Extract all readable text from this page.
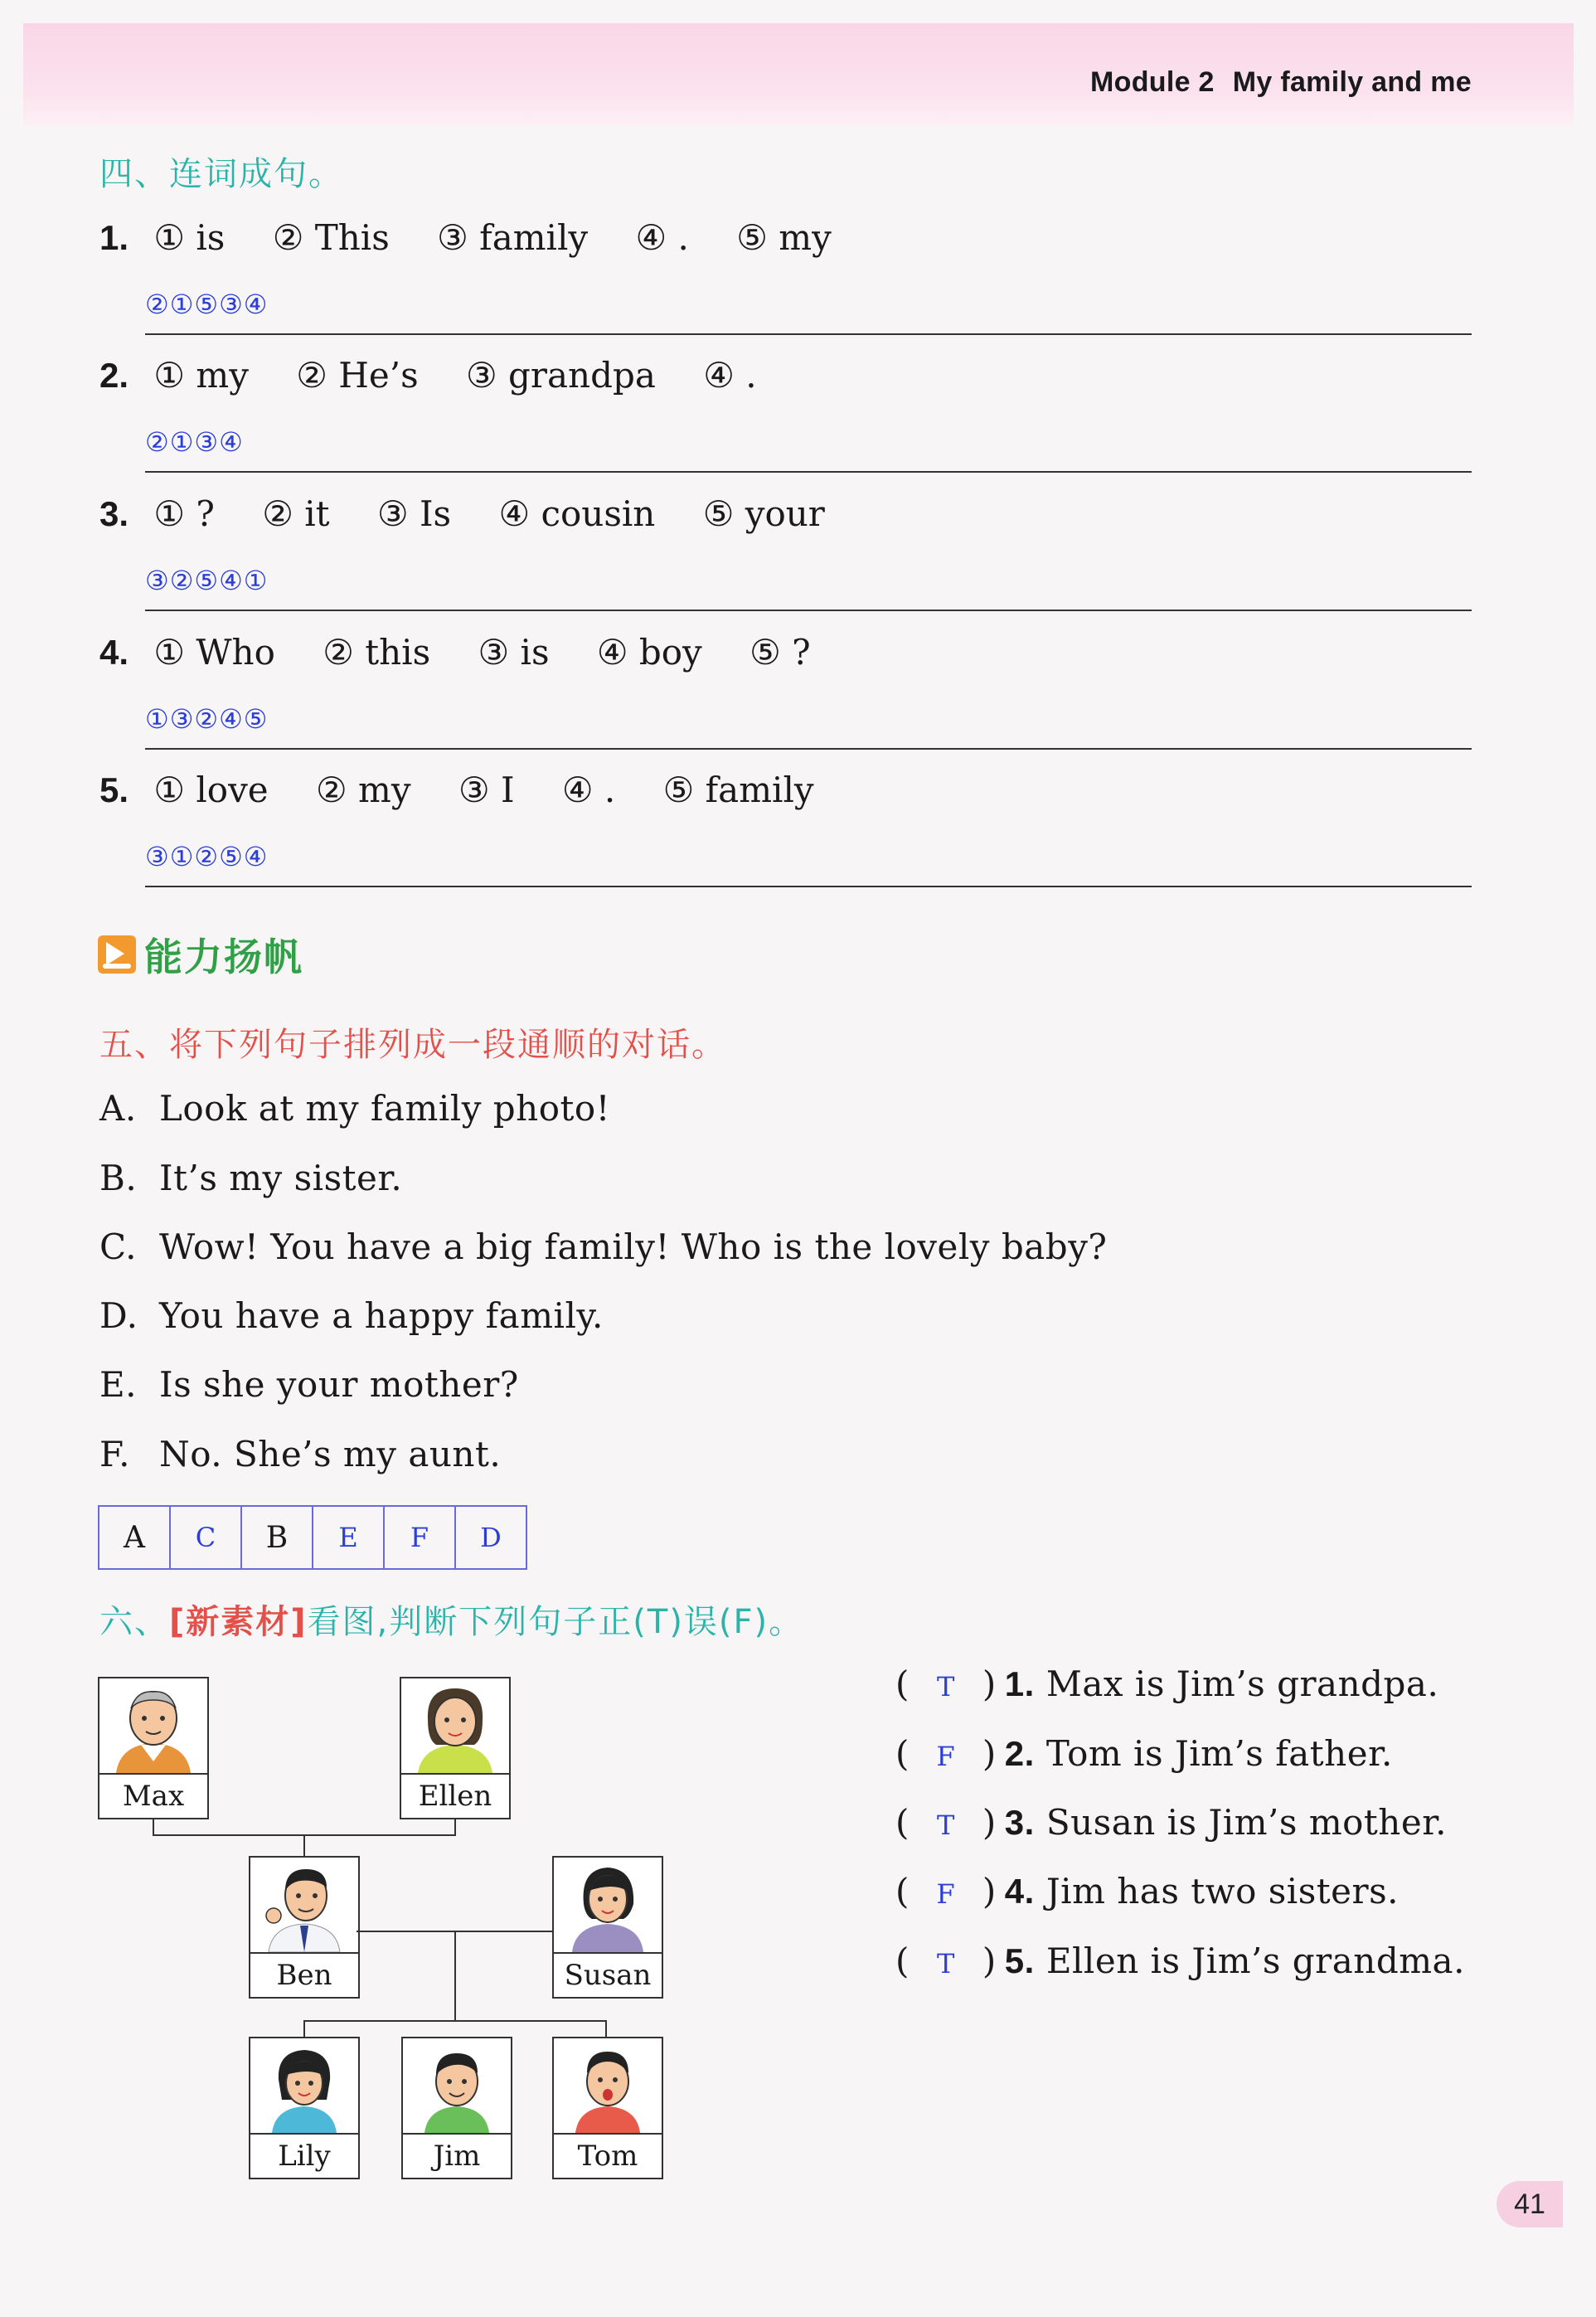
Module 2 My family and me
四、连词成句。
1. ① is ② This ③ family ④ . ⑤ my
②①⑤③④
2. ① my ② He’s ③ grandpa ④ .
②①③④
3. ① ? ② it ③ Is ④ cousin ⑤ your
③②⑤④①
4. ① Who ② this ③ is ④ boy ⑤ ?
①③②④⑤
5. ① love ② my ③ I ④ . ⑤ family
③①②⑤④
能力扬帆
五、将下列句子排列成一段通顺的对话。
A. Look at my family photo!
B. It’s my sister.
C. Wow! You have a big family! Who is the lovely baby?
D. You have a happy family.
E. Is she your mother?
F. No. She’s my aunt.
A	C	B	E	F	D
六、[新素材]看图,判断下列句子正(T)误(F)。
Max	Ellen
Ben	Susan
Lily	Jim	Tom
( T ) 1. Max is Jim’s grandpa.
( F ) 2. Tom is Jim’s father.
( T ) 3. Susan is Jim’s mother.
( F ) 4. Jim has two sisters.
( T ) 5. Ellen is Jim’s grandma.
41
